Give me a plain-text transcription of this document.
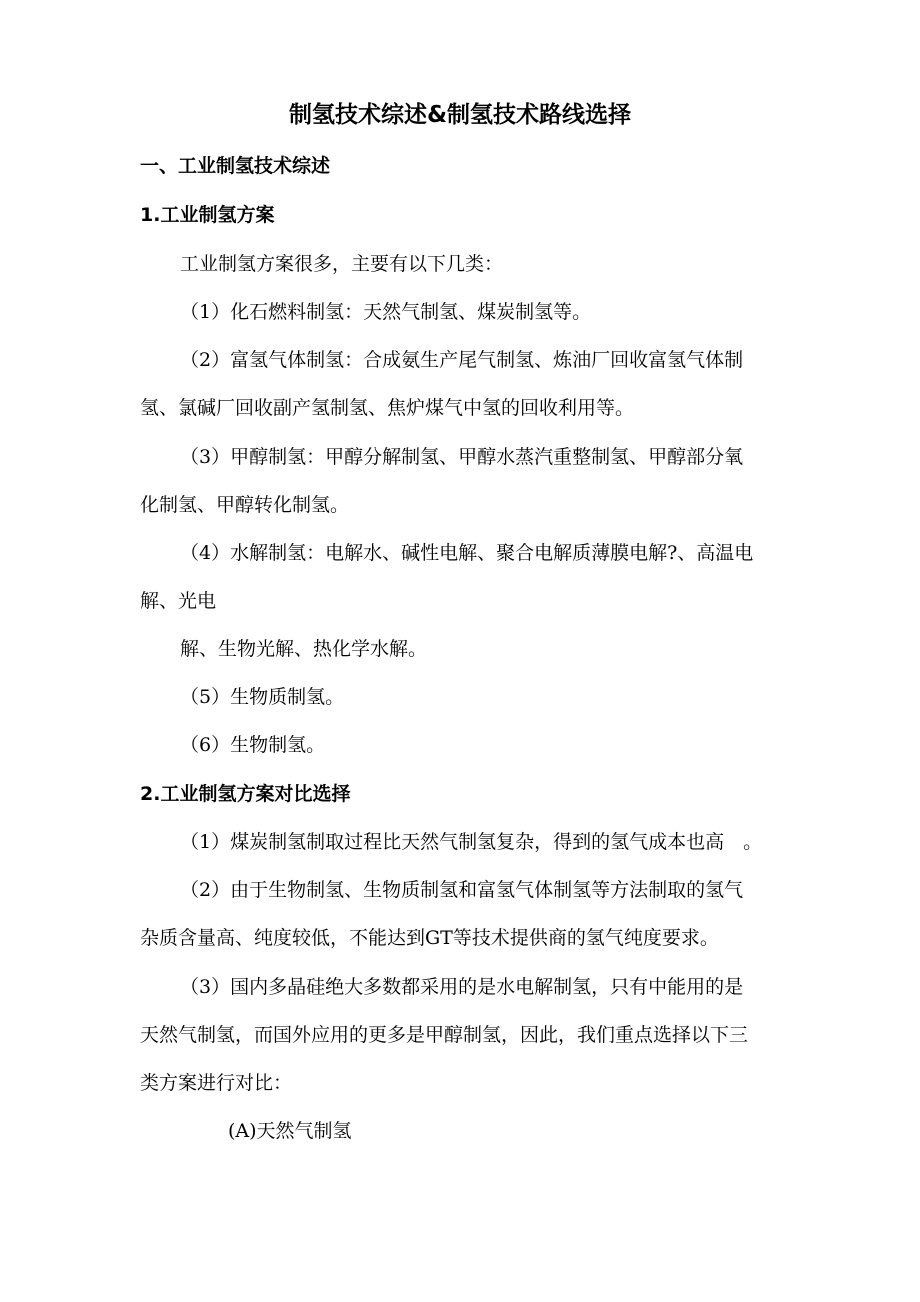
制氢技术综述&制氢技术路线选择
一、工业制氢技术综述
1.工业制氢方案
工业制氢方案很多，主要有以下几类：
（1）化石燃料制氢：天然气制氢、煤炭制氢等。
（2）富氢气体制氢：合成氨生产尾气制氢、炼油厂回收富氢气体制
氢、氯碱厂回收副产氢制氢、焦炉煤气中氢的回收利用等。
（3）甲醇制氢：甲醇分解制氢、甲醇水蒸汽重整制氢、甲醇部分氧
化制氢、甲醇转化制氢。
（4）水解制氢：电解水、碱性电解、聚合电解质薄膜电解?、高温电
解、光电
解、生物光解、热化学水解。
（5）生物质制氢。
（6）生物制氢。
2.工业制氢方案对比选择
（1）煤炭制氢制取过程比天然气制氢复杂，得到的氢气成本也高　。
（2）由于生物制氢、生物质制氢和富氢气体制氢等方法制取的氢气
杂质含量高、纯度较低，不能达到GT等技术提供商的氢气纯度要求。
（3）国内多晶硅绝大多数都采用的是水电解制氢，只有中能用的是
天然气制氢，而国外应用的更多是甲醇制氢，因此，我们重点选择以下三
类方案进行对比：
(A)天然气制氢
